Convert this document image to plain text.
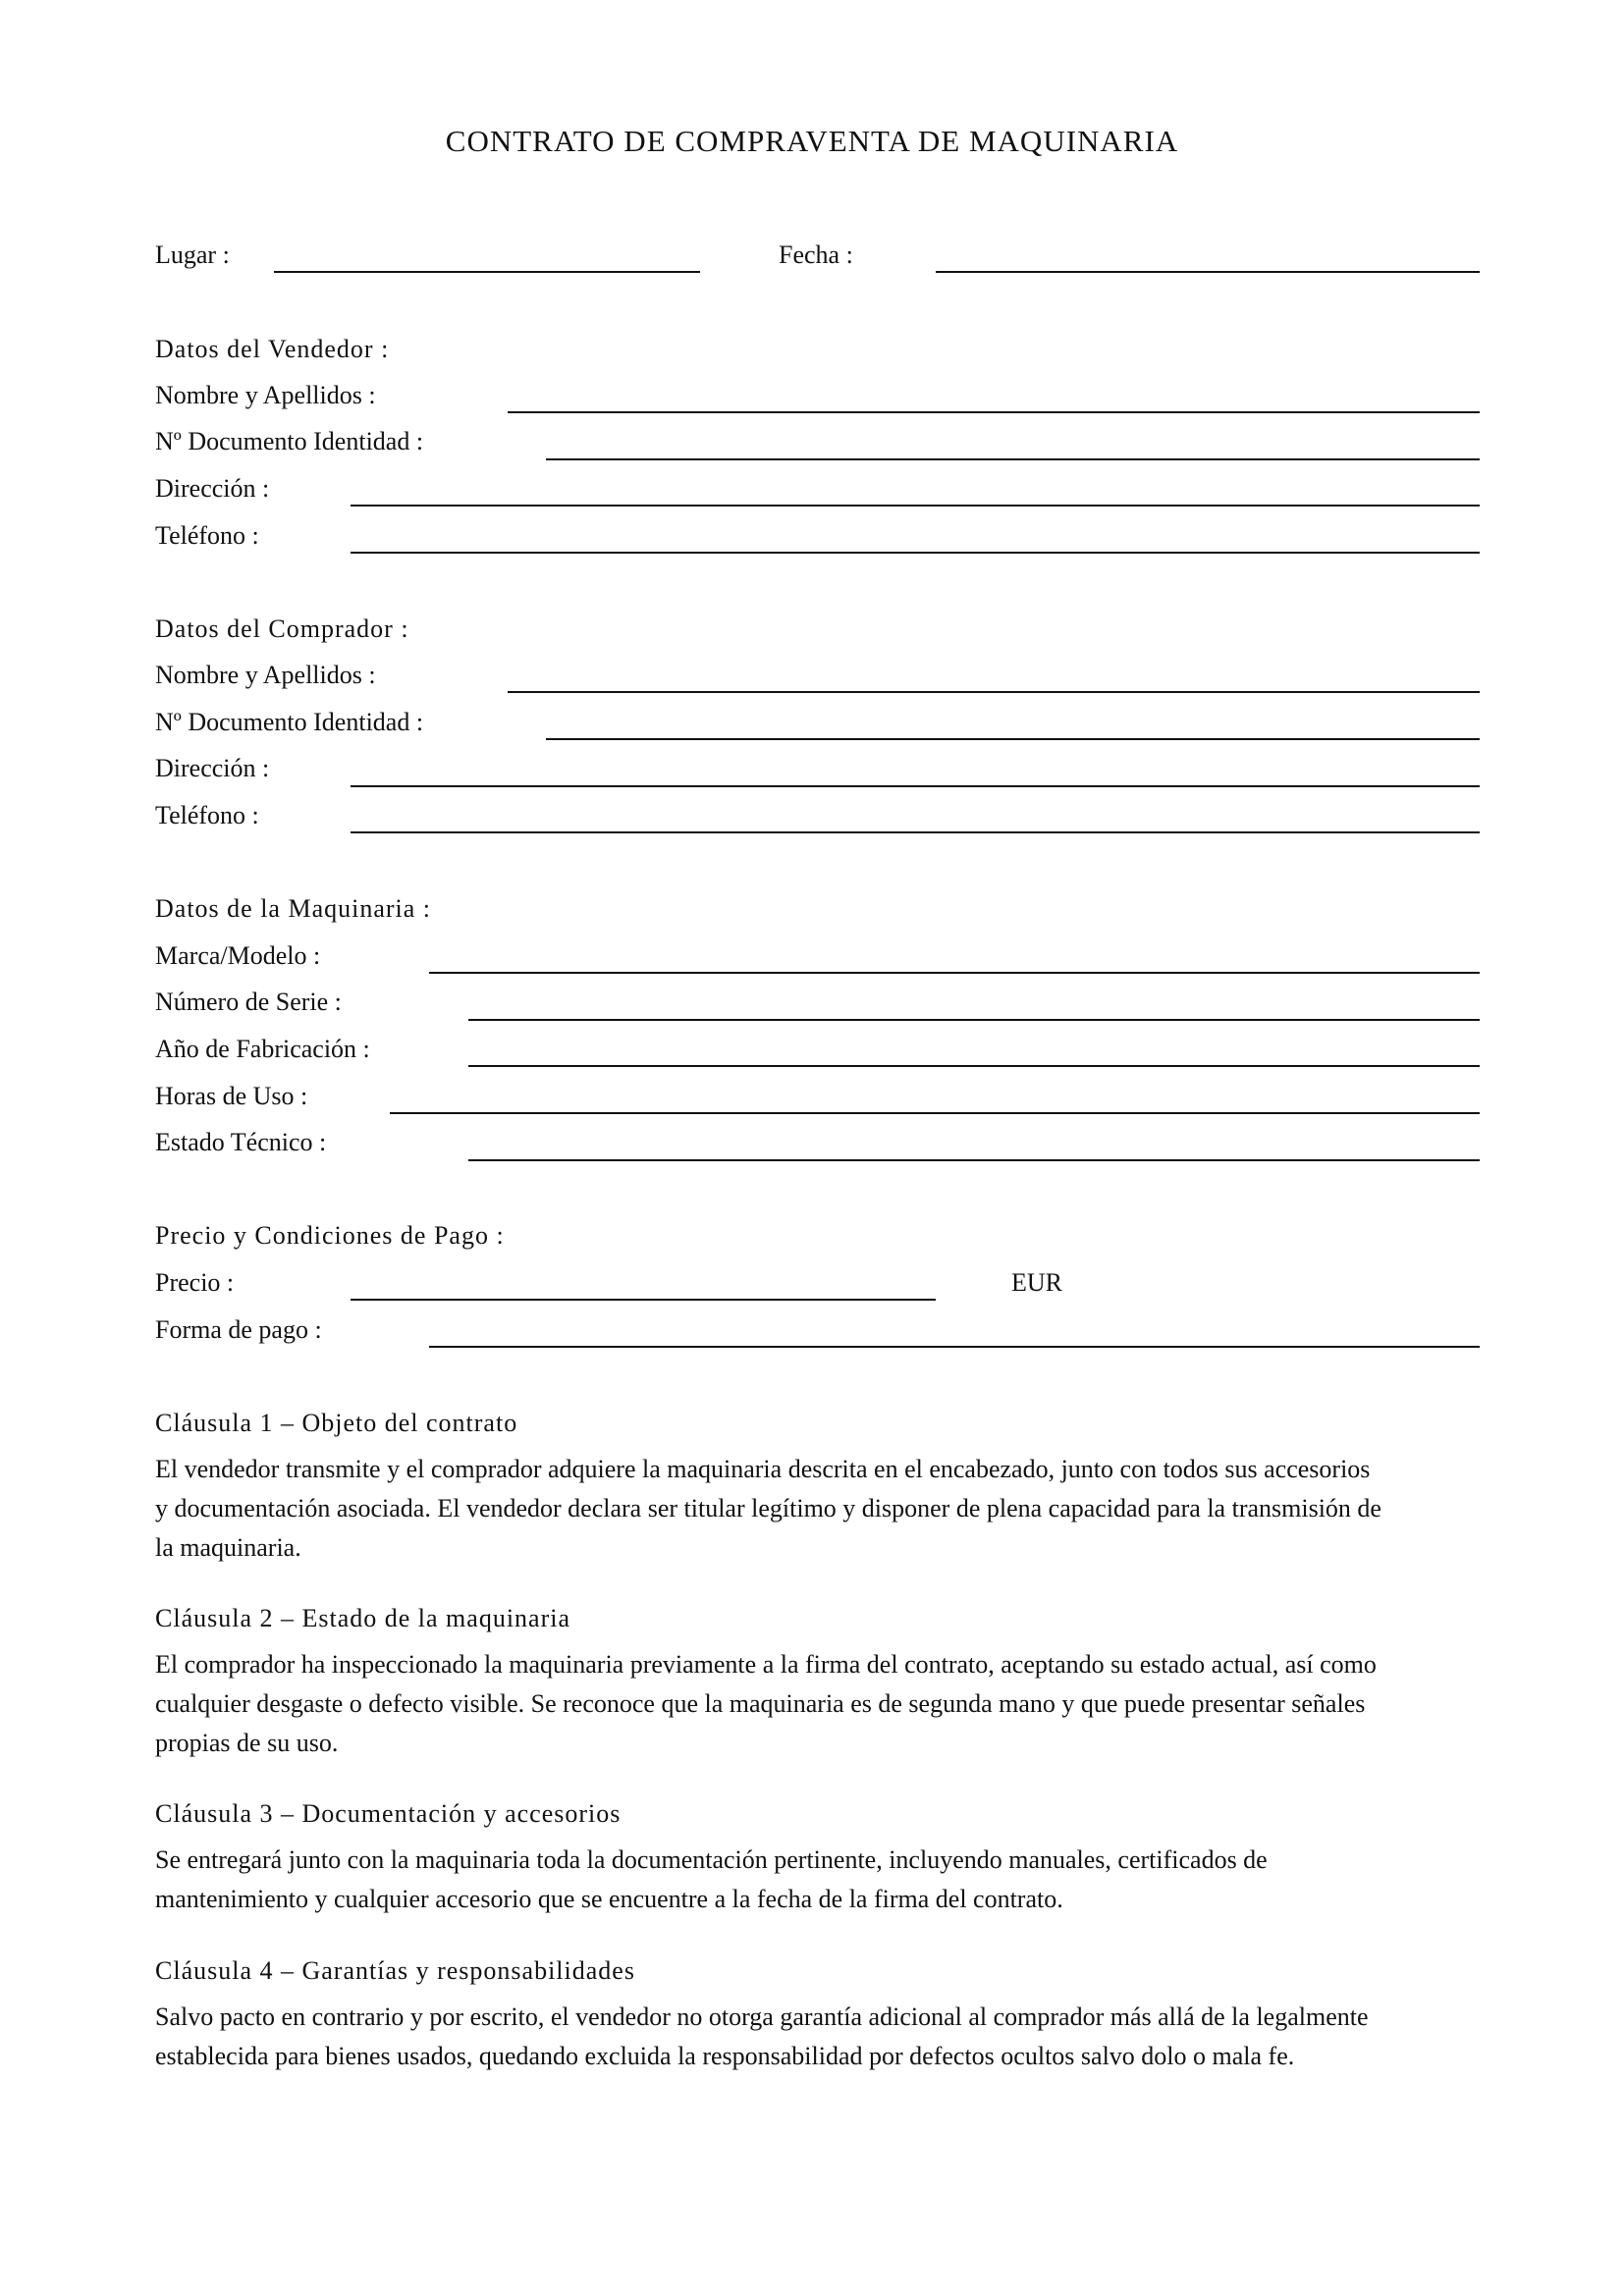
CONTRATO DE COMPRAVENTA DE MAQUINARIA
Lugar :	Fecha :
Datos del Vendedor :
Nombre y Apellidos :
Nº Documento Identidad :
Dirección :
Teléfono :
Datos del Comprador :
Nombre y Apellidos :
Nº Documento Identidad :
Dirección :
Teléfono :
Datos de la Maquinaria :
Marca/Modelo :
Número de Serie :
Año de Fabricación :
Horas de Uso :
Estado Técnico :
Precio y Condiciones de Pago :
Precio :	EUR
Forma de pago :
Cláusula 1 – Objeto del contrato
El vendedor transmite y el comprador adquiere la maquinaria descrita en el encabezado, junto con todos sus accesorios
y documentación asociada. El vendedor declara ser titular legítimo y disponer de plena capacidad para la transmisión de
la maquinaria.
Cláusula 2 – Estado de la maquinaria
El comprador ha inspeccionado la maquinaria previamente a la firma del contrato, aceptando su estado actual, así como
cualquier desgaste o defecto visible. Se reconoce que la maquinaria es de segunda mano y que puede presentar señales
propias de su uso.
Cláusula 3 – Documentación y accesorios
Se entregará junto con la maquinaria toda la documentación pertinente, incluyendo manuales, certificados de
mantenimiento y cualquier accesorio que se encuentre a la fecha de la firma del contrato.
Cláusula 4 – Garantías y responsabilidades
Salvo pacto en contrario y por escrito, el vendedor no otorga garantía adicional al comprador más allá de la legalmente
establecida para bienes usados, quedando excluida la responsabilidad por defectos ocultos salvo dolo o mala fe.
